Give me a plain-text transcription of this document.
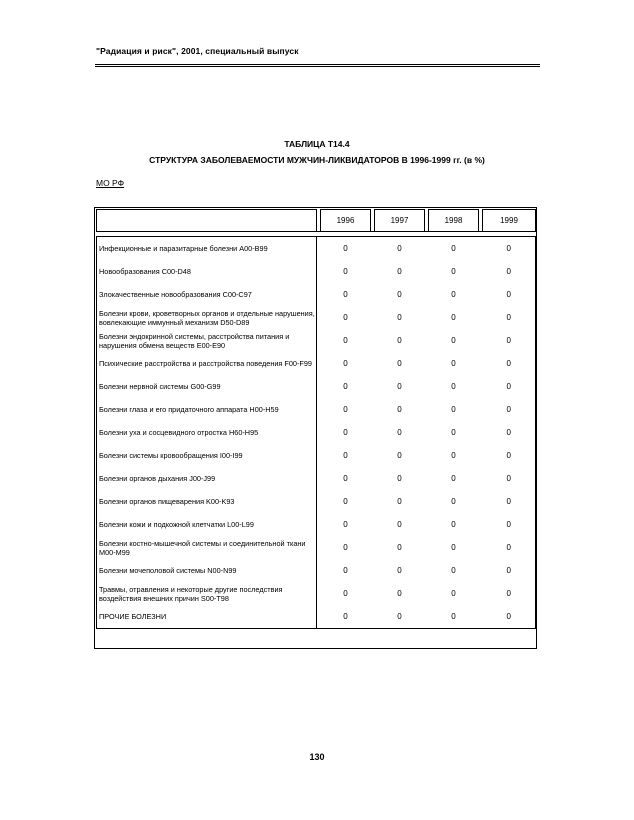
"Радиация и риск", 2001, специальный выпуск
ТАБЛИЦА Т14.4
СТРУКТУРА ЗАБОЛЕВАЕМОСТИ МУЖЧИН-ЛИКВИДАТОРОВ В 1996-1999 гг. (в %)
МО РФ
		1996		1997		1998		1999

Инфекционные и паразитарные болезни A00-B99		0		0		0		0
Новообразования C00-D48		0		0		0		0
Злокачественные новообразования C00-C97		0		0		0		0
Болезни крови, кроветворных органов и отдельные нарушения, вовлекающие иммунный механизм D50-D89		0		0		0		0
Болезни эндокринной системы, расстройства питания и нарушения обмена веществ E00-E90		0		0		0		0
Психические расстройства и расстройства поведения F00-F99		0		0		0		0
Болезни нервной системы G00-G99		0		0		0		0
Болезни глаза и его придаточного аппарата H00-H59		0		0		0		0
Болезни уха и сосцевидного отростка H60-H95		0		0		0		0
Болезни системы кровообращения I00-I99		0		0		0		0
Болезни органов дыхания J00-J99		0		0		0		0
Болезни органов пищеварения K00-K93		0		0		0		0
Болезни кожи и подкожной клетчатки L00-L99		0		0		0		0
Болезни костно-мышечной системы и соединительной ткани M00-M99		0		0		0		0
Болезни мочеполовой системы N00-N99		0		0		0		0
Травмы, отравления и некоторые другие последствия воздействия внешних причин S00-T98		0		0		0		0
ПРОЧИЕ БОЛЕЗНИ		0		0		0		0
130
